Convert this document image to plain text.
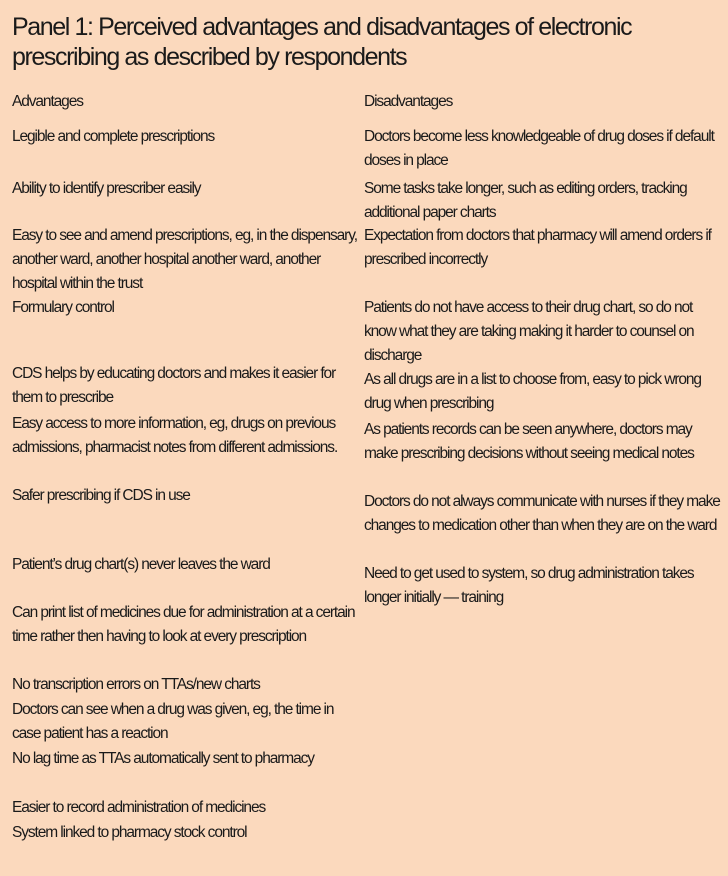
Panel 1: Perceived advantages and disadvantages of electronic prescribing as described by respondents

Advantages

Legible and complete prescriptions

Ability to identify prescriber easily

Easy to see and amend prescriptions, eg, in the dispensary, another ward, another hospital another ward, another hospital within the trust

Formulary control

CDS helps by educating doctors and makes it easier for them to prescribe

Easy access to more information, eg, drugs on previous admissions, pharmacist notes from different admissions.

Safer prescribing if CDS in use

Patient’s drug chart(s) never leaves the ward

Can print list of medicines due for administration at a certain time rather then having to look at every prescription

No transcription errors on TTAs/new charts

Doctors can see when a drug was given, eg, the time in case patient has a reaction

No lag time as TTAs automatically sent to pharmacy

Easier to record administration of medicines

System linked to pharmacy stock control

Disadvantages

Doctors become less knowledgeable of drug doses if default doses in place

Some tasks take longer, such as editing orders, tracking additional paper charts

Expectation from doctors that pharmacy will amend orders if prescribed incorrectly

Patients do not have access to their drug chart, so do not know what they are taking making it harder to counsel on discharge

As all drugs are in a list to choose from, easy to pick wrong drug when prescribing

As patients records can be seen anywhere, doctors may make prescribing decisions without seeing medical notes

Doctors do not always communicate with nurses if they make changes to medication other than when they are on the ward

Need to get used to system, so drug administration takes longer initially — training
